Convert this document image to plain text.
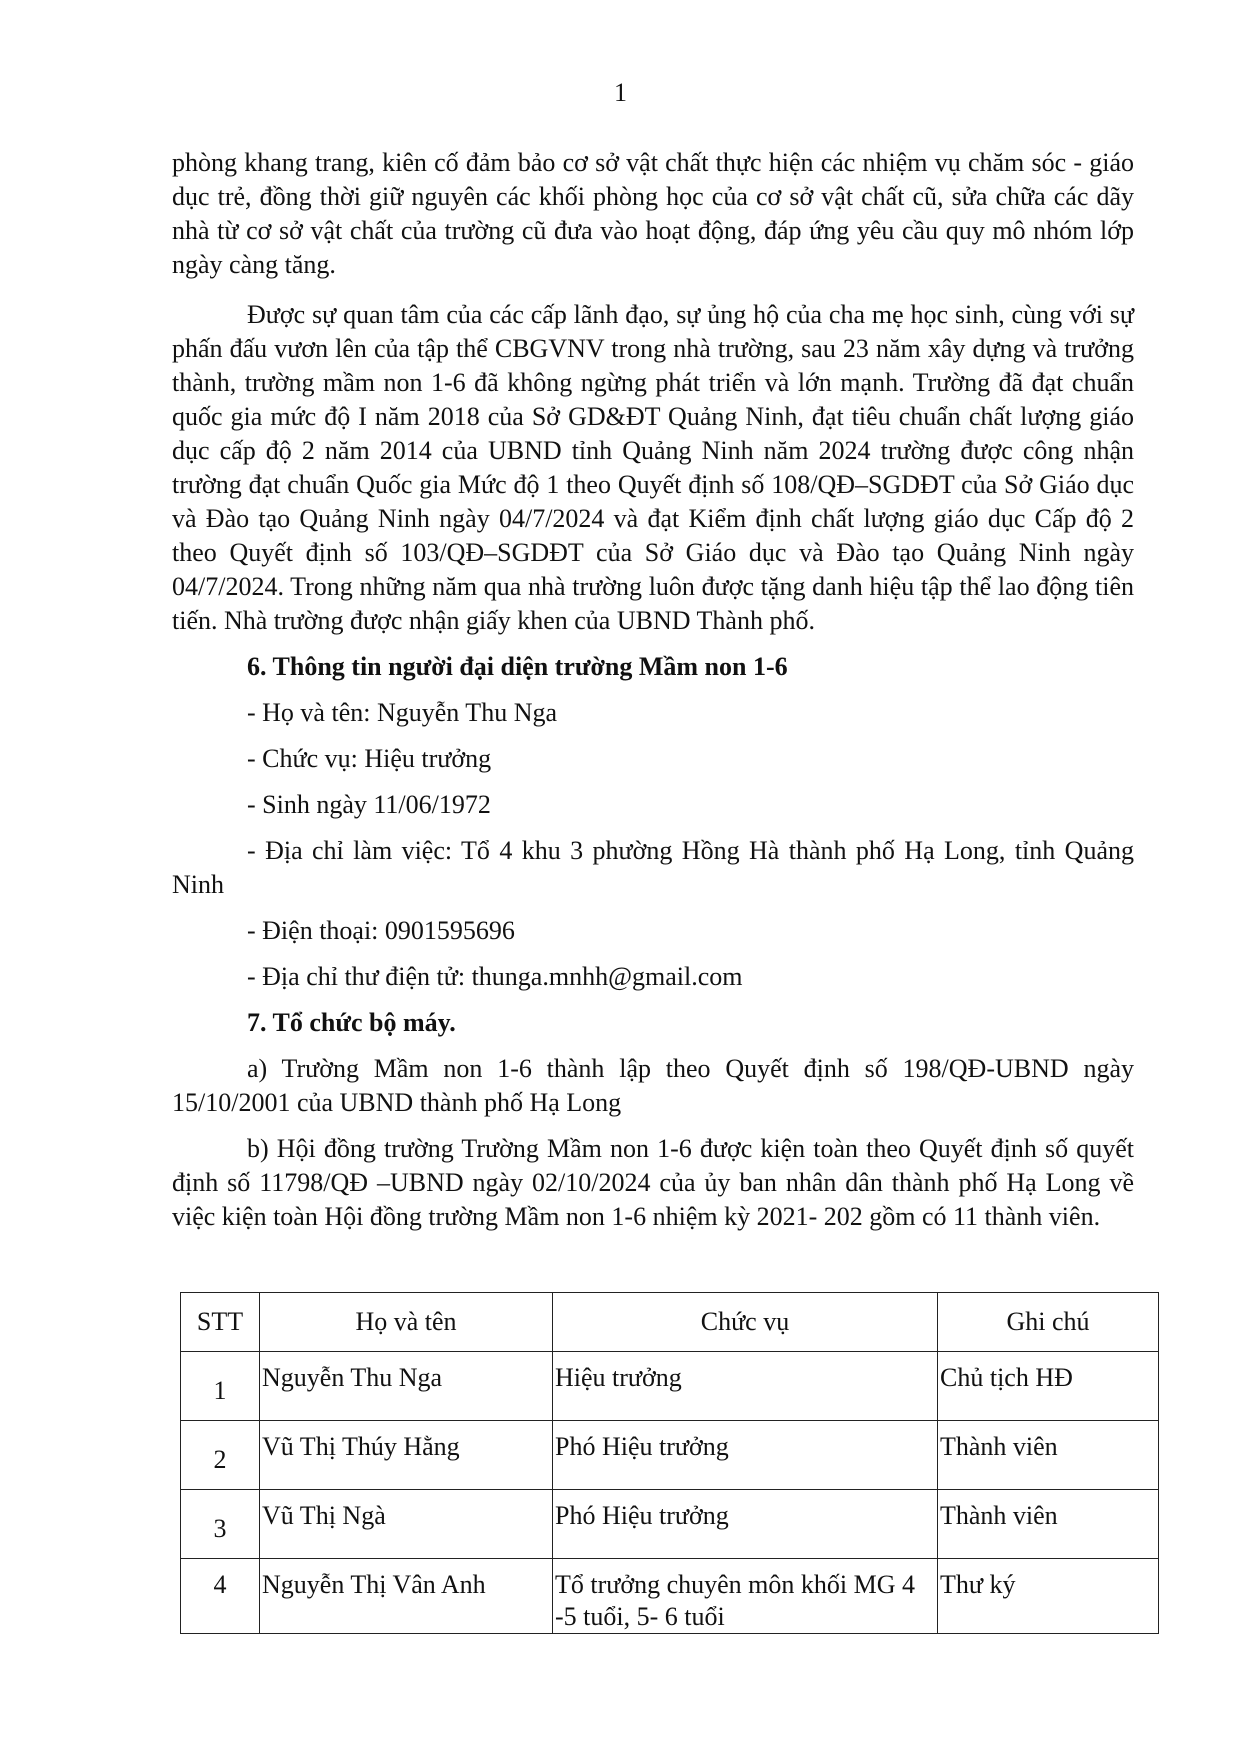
1

phòng khang trang, kiên cố đảm bảo cơ sở vật chất thực hiện các nhiệm vụ chăm sóc - giáo dục trẻ, đồng thời giữ nguyên các khối phòng học của cơ sở vật chất cũ, sửa chữa các dãy nhà từ cơ sở vật chất của trường cũ đưa vào hoạt động, đáp ứng yêu cầu quy mô nhóm lớp ngày càng tăng.

Được sự quan tâm của các cấp lãnh đạo, sự ủng hộ của cha mẹ học sinh, cùng với sự phấn đấu vươn lên của tập thể CBGVNV trong nhà trường, sau 23 năm xây dựng và trưởng thành, trường mầm non 1-6 đã không ngừng phát triển và lớn mạnh. Trường đã đạt chuẩn quốc gia mức độ I năm 2018 của Sở GD&ĐT Quảng Ninh, đạt tiêu chuẩn chất lượng giáo dục cấp độ 2 năm 2014 của UBND tỉnh Quảng Ninh năm 2024 trường được công nhận trường đạt chuẩn Quốc gia Mức độ 1 theo Quyết định số 108/QĐ–SGDĐT của Sở Giáo dục và Đào tạo Quảng Ninh ngày 04/7/2024 và đạt Kiểm định chất lượng giáo dục Cấp độ 2 theo Quyết định số 103/QĐ–SGDĐT của Sở Giáo dục và Đào tạo Quảng Ninh ngày 04/7/2024. Trong những năm qua nhà trường luôn được tặng danh hiệu tập thể lao động tiên tiến. Nhà trường được nhận giấy khen của UBND Thành phố.

6. Thông tin người đại diện trường Mầm non 1-6

- Họ và tên: Nguyễn Thu Nga

- Chức vụ: Hiệu trưởng

- Sinh ngày 11/06/1972

- Địa chỉ làm việc: Tổ 4 khu 3 phường Hồng Hà thành phố Hạ Long, tỉnh Quảng Ninh

- Điện thoại: 0901595696

- Địa chỉ thư điện tử: thunga.mnhh@gmail.com

7. Tổ chức bộ máy.

a) Trường Mầm non 1-6 thành lập theo Quyết định số 198/QĐ-UBND ngày 15/10/2001 của UBND thành phố Hạ Long

b) Hội đồng trường Trường Mầm non 1-6 được kiện toàn theo Quyết định số quyết định số 11798/QĐ –UBND ngày 02/10/2024 của ủy ban nhân dân thành phố Hạ Long về việc kiện toàn Hội đồng trường Mầm non 1-6 nhiệm kỳ 2021- 202 gồm có 11 thành viên.

STT	Họ và tên	Chức vụ	Ghi chú
1	Nguyễn Thu Nga	Hiệu trưởng	Chủ tịch HĐ
2	Vũ Thị Thúy Hằng	Phó Hiệu trưởng	Thành viên
3	Vũ Thị Ngà	Phó Hiệu trưởng	Thành viên
4	Nguyễn Thị Vân Anh	Tổ trưởng chuyên môn khối MG 4 -5 tuổi, 5- 6 tuổi	Thư ký
